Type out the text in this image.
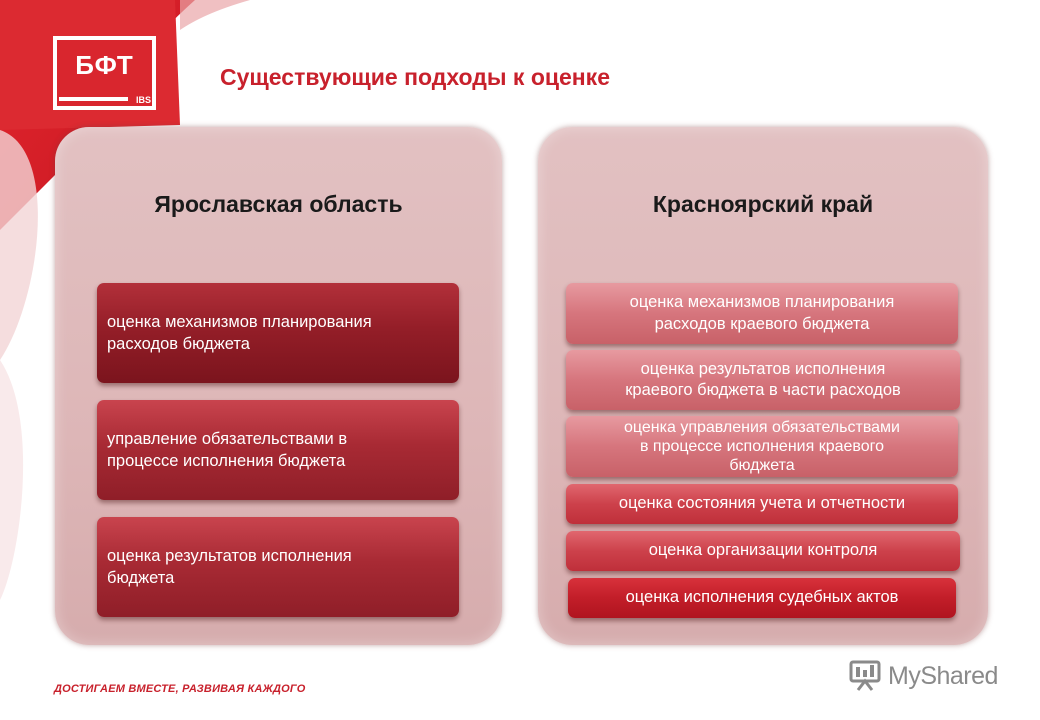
БФТ
IBS
Существующие подходы к оценке
Ярославская область	Красноярский край
оценка механизмов планирования
расходов бюджета
управление обязательствами в
процессе исполнения бюджета
оценка результатов исполнения
бюджета
оценка механизмов планирования
расходов краевого бюджета
оценка результатов исполнения
краевого бюджета в части расходов
оценка управления обязательствами
в процессе исполнения краевого
бюджета
оценка состояния учета и отчетности
оценка организации контроля
оценка исполнения судебных актов
ДОСТИГАЕМ ВМЕСТЕ, РАЗВИВАЯ КАЖДОГО	MyShared
